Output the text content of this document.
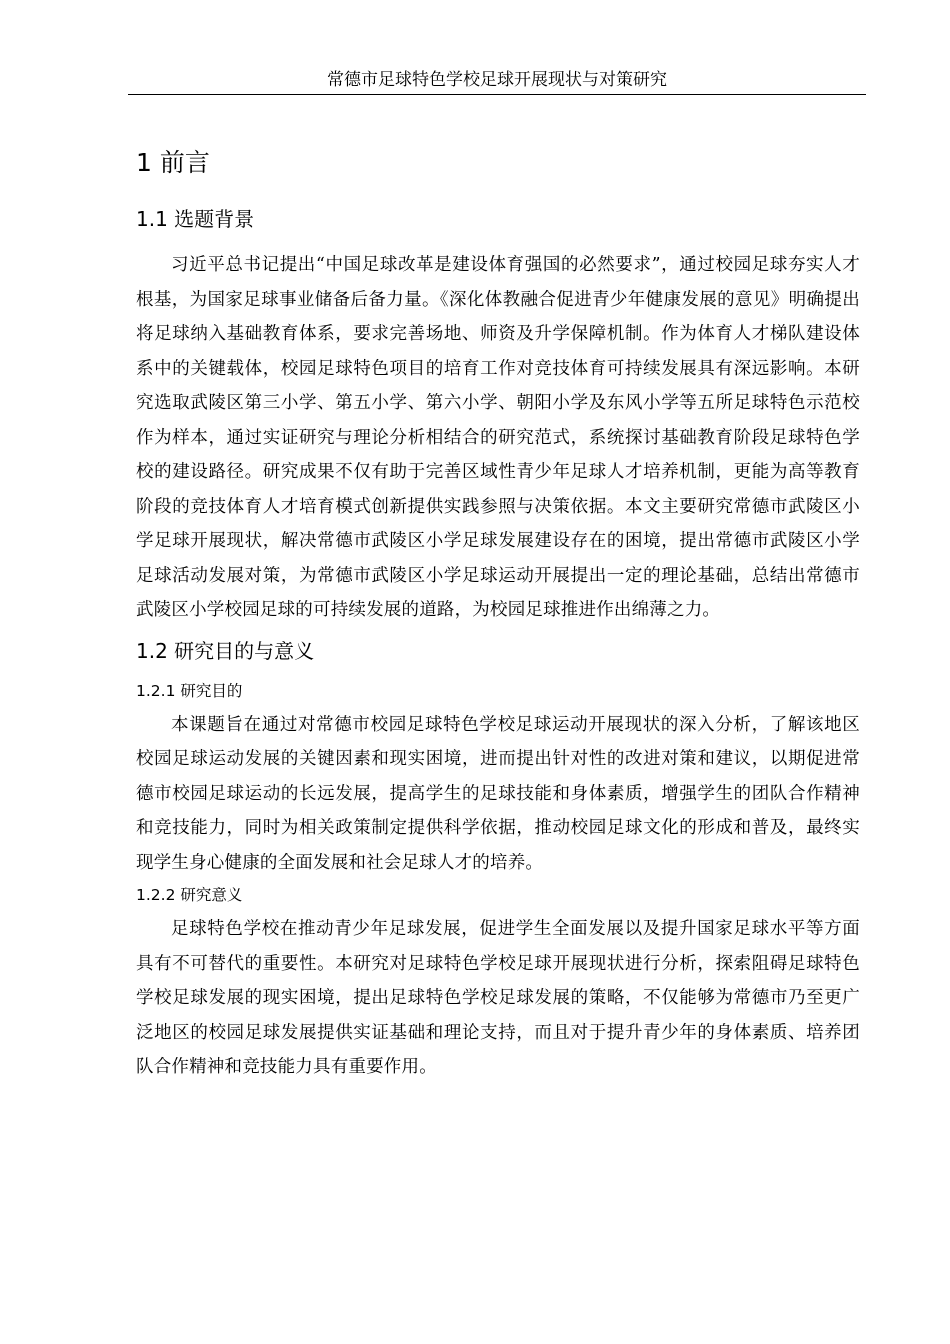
常德市足球特色学校足球开展现状与对策研究
1 前言
1.1 选题背景

习近平总书记提出“中国足球改革是建设体育强国的必然要求”，通过校园足球夯实人才根基，为国家足球事业储备后备力量。《深化体教融合促进青少年健康发展的意见》明确提出将足球纳入基础教育体系，要求完善场地、师资及升学保障机制。作为体育人才梯队建设体系中的关键载体，校园足球特色项目的培育工作对竞技体育可持续发展具有深远影响。本研究选取武陵区第三小学、第五小学、第六小学、朝阳小学及东风小学等五所足球特色示范校作为样本，通过实证研究与理论分析相结合的研究范式，系统探讨基础教育阶段足球特色学校的建设路径。研究成果不仅有助于完善区域性青少年足球人才培养机制，更能为高等教育阶段的竞技体育人才培育模式创新提供实践参照与决策依据。本文主要研究常德市武陵区小学足球开展现状，解决常德市武陵区小学足球发展建设存在的困境，提出常德市武陵区小学足球活动发展对策，为常德市武陵区小学足球运动开展提出一定的理论基础，总结出常德市武陵区小学校园足球的可持续发展的道路，为校园足球推进作出绵薄之力。

1.2 研究目的与意义
1.2.1 研究目的

本课题旨在通过对常德市校园足球特色学校足球运动开展现状的深入分析，了解该地区校园足球运动发展的关键因素和现实困境，进而提出针对性的改进对策和建议，以期促进常德市校园足球运动的长远发展，提高学生的足球技能和身体素质，增强学生的团队合作精神和竞技能力，同时为相关政策制定提供科学依据，推动校园足球文化的形成和普及，最终实现学生身心健康的全面发展和社会足球人才的培养。

1.2.2 研究意义

足球特色学校在推动青少年足球发展，促进学生全面发展以及提升国家足球水平等方面具有不可替代的重要性。本研究对足球特色学校足球开展现状进行分析，探索阻碍足球特色学校足球发展的现实困境，提出足球特色学校足球发展的策略，不仅能够为常德市乃至更广泛地区的校园足球发展提供实证基础和理论支持，而且对于提升青少年的身体素质、培养团队合作精神和竞技能力具有重要作用。
